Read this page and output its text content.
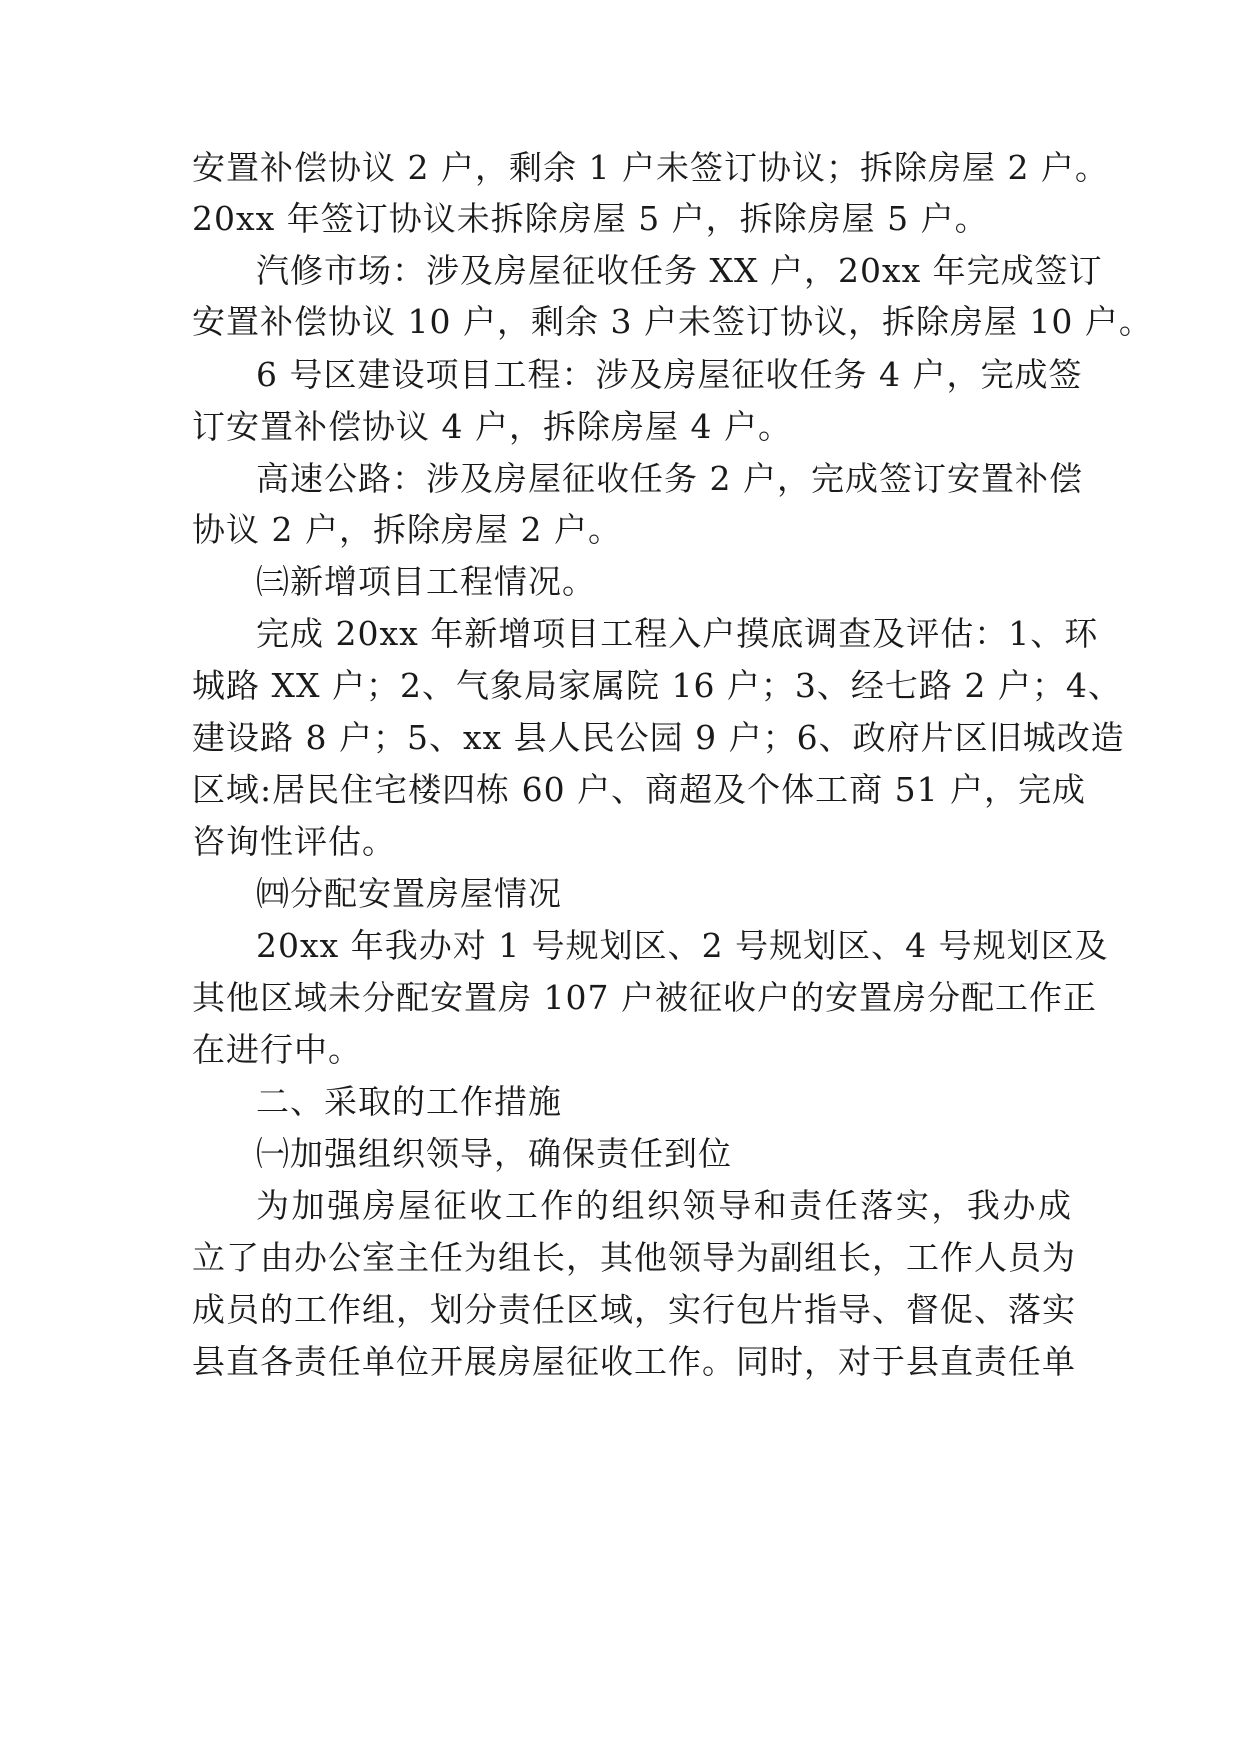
安置补偿协议 2 户，剩余 1 户未签订协议；拆除房屋 2 户。
20xx 年签订协议未拆除房屋 5 户，拆除房屋 5 户。
汽修市场：涉及房屋征收任务 XX 户，20xx 年完成签订
安置补偿协议 10 户，剩余 3 户未签订协议，拆除房屋 10 户。
6 号区建设项目工程：涉及房屋征收任务 4 户，完成签
订安置补偿协议 4 户，拆除房屋 4 户。
高速公路：涉及房屋征收任务 2 户，完成签订安置补偿
协议 2 户，拆除房屋 2 户。
㈢新增项目工程情况。
完成 20xx 年新增项目工程入户摸底调查及评估：1、环
城路 XX 户；2、气象局家属院 16 户；3、经七路 2 户；4、
建设路 8 户；5、xx 县人民公园 9 户；6、政府片区旧城改造
区域:居民住宅楼四栋 60 户、商超及个体工商 51 户，完成
咨询性评估。
㈣分配安置房屋情况
20xx 年我办对 1 号规划区、2 号规划区、4 号规划区及
其他区域未分配安置房 107 户被征收户的安置房分配工作正
在进行中。
二、采取的工作措施
㈠加强组织领导，确保责任到位
为加强房屋征收工作的组织领导和责任落实，我办成
立了由办公室主任为组长，其他领导为副组长，工作人员为
成员的工作组，划分责任区域，实行包片指导、督促、落实
县直各责任单位开展房屋征收工作。同时，对于县直责任单
